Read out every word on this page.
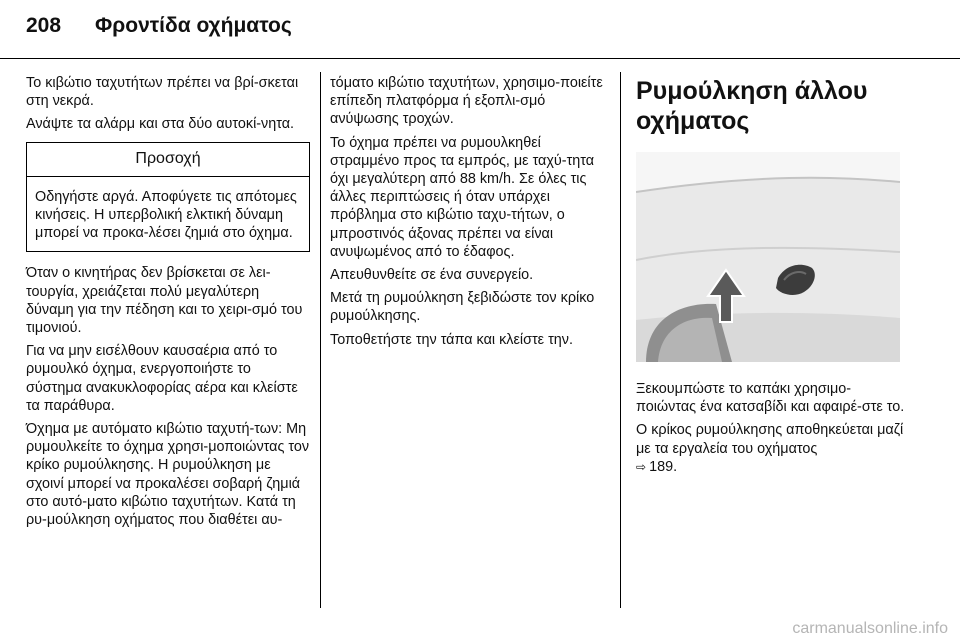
208 Φροντίδα οχήματος

Το κιβώτιο ταχυτήτων πρέπει να βρί-σκεται στη νεκρά.

Ανάψτε τα αλάρμ και στα δύο αυτοκί-νητα.

Προσοχή
Οδηγήστε αργά. Αποφύγετε τις απότομες κινήσεις. Η υπερβολική ελκτική δύναμη μπορεί να προκα-λέσει ζημιά στο όχημα.

Όταν ο κινητήρας δεν βρίσκεται σε λει-τουργία, χρειάζεται πολύ μεγαλύτερη δύναμη για την πέδηση και το χειρι-σμό του τιμονιού.

Για να μην εισέλθουν καυσαέρια από το ρυμουλκό όχημα, ενεργοποιήστε το σύστημα ανακυκλοφορίας αέρα και κλείστε τα παράθυρα.

Όχημα με αυτόματο κιβώτιο ταχυτή-των: Μη ρυμουλκείτε το όχημα χρησι-μοποιώντας τον κρίκο ρυμούλκησης. Η ρυμούλκηση με σχοινί μπορεί να προκαλέσει σοβαρή ζημιά στο αυτό-ματο κιβώτιο ταχυτήτων. Κατά τη ρυ-μούλκηση οχήματος που διαθέτει αυ-

τόματο κιβώτιο ταχυτήτων, χρησιμο-ποιείτε επίπεδη πλατφόρμα ή εξοπλι-σμό ανύψωσης τροχών.

Το όχημα πρέπει να ρυμουλκηθεί στραμμένο προς τα εμπρός, με ταχύ-τητα όχι μεγαλύτερη από 88 km/h. Σε όλες τις άλλες περιπτώσεις ή όταν υπάρχει πρόβλημα στο κιβώτιο ταχυ-τήτων, ο μπροστινός άξονας πρέπει να είναι ανυψωμένος από το έδαφος.

Απευθυνθείτε σε ένα συνεργείο.

Μετά τη ρυμούλκηση ξεβιδώστε τον κρίκο ρυμούλκησης.

Τοποθετήστε την τάπα και κλείστε την.

Ρυμούλκηση άλλου
οχήματος

Ξεκουμπώστε το καπάκι χρησιμο-ποιώντας ένα κατσαβίδι και αφαιρέ-στε το.

Ο κρίκος ρυμούλκησης αποθηκεύεται μαζί με τα εργαλεία του οχήματος
⇨ 189.

carmanualsonline.info
